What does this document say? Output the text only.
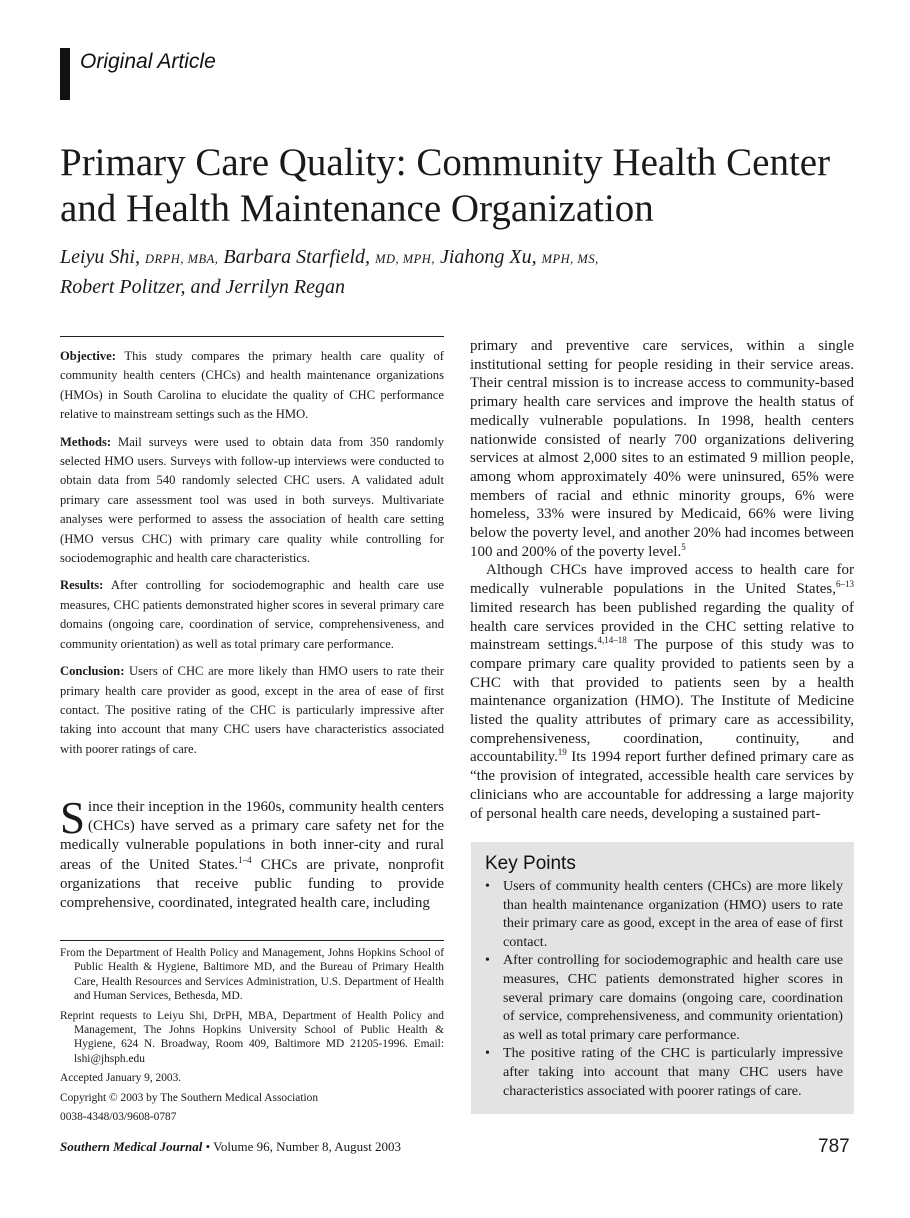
Original Article
Primary Care Quality: Community Health Center and Health Maintenance Organization
Leiyu Shi, DRPH, MBA, Barbara Starfield, MD, MPH, Jiahong Xu, MPH, MS,
Robert Politzer, and Jerrilyn Regan

Objective: This study compares the primary health care quality of community health centers (CHCs) and health maintenance organizations (HMOs) in South Carolina to elucidate the quality of CHC performance relative to mainstream settings such as the HMO.

Methods: Mail surveys were used to obtain data from 350 randomly selected HMO users. Surveys with follow-up interviews were conducted to obtain data from 540 randomly selected CHC users. A validated adult primary care assessment tool was used in both surveys. Multivariate analyses were performed to assess the association of health care setting (HMO versus CHC) with primary care quality while controlling for sociodemographic and health care characteristics.

Results: After controlling for sociodemographic and health care use measures, CHC patients demonstrated higher scores in several primary care domains (ongoing care, coordination of service, comprehensiveness, and community orientation) as well as total primary care performance.

Conclusion: Users of CHC are more likely than HMO users to rate their primary health care provider as good, except in the area of ease of first contact. The positive rating of the CHC is particularly impressive after taking into account that many CHC users have characteristics associated with poorer ratings of care.

Since their inception in the 1960s, community health centers (CHCs) have served as a primary care safety net for the medically vulnerable populations in both inner-city and rural areas of the United States.$^{1-4}$ CHCs are private, nonprofit organizations that receive public funding to provide comprehensive, coordinated, integrated health care, including

From the Department of Health Policy and Management, Johns Hopkins School of Public Health & Hygiene, Baltimore MD, and the Bureau of Primary Health Care, Health Resources and Services Administration, U.S. Department of Health and Human Services, Bethesda, MD.

Reprint requests to Leiyu Shi, DrPH, MBA, Department of Health Policy and Management, The Johns Hopkins University School of Public Health & Hygiene, 624 N. Broadway, Room 409, Baltimore MD 21205-1996. Email: lshi@jhsph.edu

Accepted January 9, 2003.

Copyright © 2003 by The Southern Medical Association

0038-4348/03/9608-0787

primary and preventive care services, within a single institutional setting for people residing in their service areas. Their central mission is to increase access to community-based primary health care services and improve the health status of medically vulnerable populations. In 1998, health centers nationwide consisted of nearly 700 organizations delivering services at almost 2,000 sites to an estimated 9 million people, among whom approximately 40% were uninsured, 65% were members of racial and ethnic minority groups, 6% were homeless, 33% were insured by Medicaid, 66% were living below the poverty level, and another 20% had incomes between 100 and 200% of the poverty level.$^5$

Although CHCs have improved access to health care for medically vulnerable populations in the United States,$^{6-13}$ limited research has been published regarding the quality of health care services provided in the CHC setting relative to mainstream settings.$^{4,14-18}$ The purpose of this study was to compare primary care quality provided to patients seen by a CHC with that provided to patients seen by a health maintenance organization (HMO). The Institute of Medicine listed the quality attributes of primary care as accessibility, comprehensiveness, coordination, continuity, and accountability.$^{19}$ Its 1994 report further defined primary care as “the provision of integrated, accessible health care services by clinicians who are accountable for addressing a large majority of personal health care needs, developing a sustained part-

Key Points
• Users of community health centers (CHCs) are more likely than health maintenance organization (HMO) users to rate their primary care as good, except in the area of ease of first contact.
• After controlling for sociodemographic and health care use measures, CHC patients demonstrated higher scores in several primary care domains (ongoing care, coordination of service, comprehensiveness, and community orientation) as well as total primary care performance.
• The positive rating of the CHC is particularly impressive after taking into account that many CHC users have characteristics associated with poorer ratings of care.
Southern Medical Journal • Volume 96, Number 8, August 2003	787
